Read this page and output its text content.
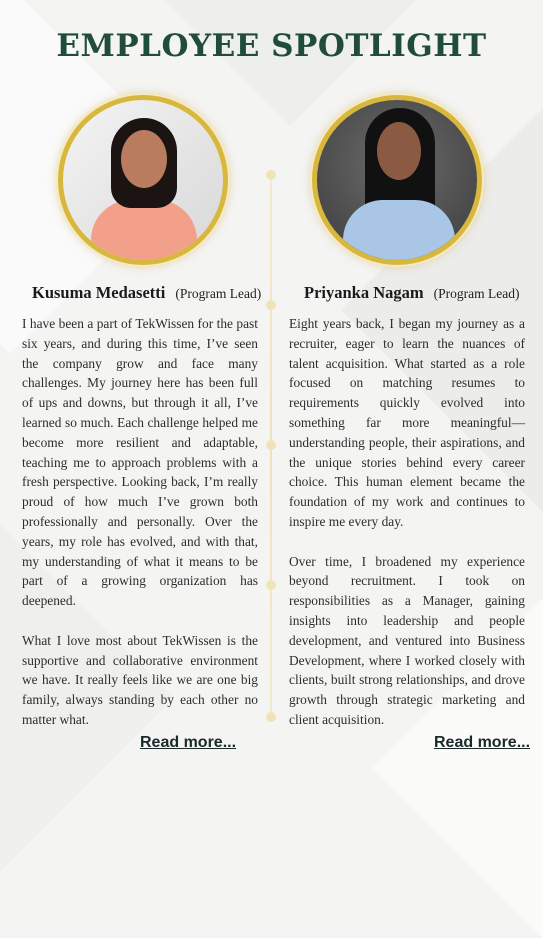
EMPLOYEE SPOTLIGHT
Kusuma Medasetti (Program Lead)	Priyanka Nagam (Program Lead)

I have been a part of TekWissen for the past six years, and during this time, I’ve seen the company grow and face many challenges. My journey here has been full of ups and downs, but through it all, I’ve learned so much. Each challenge helped me become more resilient and adaptable, teaching me to approach problems with a fresh perspective. Looking back, I’m really proud of how much I’ve grown both professionally and personally. Over the years, my role has evolved, and with that, my understanding of what it means to be part of a growing organization has deepened.

What I love most about TekWissen is the supportive and collaborative environment we have. It really feels like we are one big family, always standing by each other no matter what.

Eight years back, I began my journey as a recruiter, eager to learn the nuances of talent acquisition. What started as a role focused on matching resumes to requirements quickly evolved into something far more meaningful—understanding people, their aspirations, and the unique stories behind every career choice. This human element became the foundation of my work and continues to inspire me every day.

Over time, I broadened my experience beyond recruitment. I took on responsibilities as a Manager, gaining insights into leadership and people development, and ventured into Business Development, where I worked closely with clients, built strong relationships, and drove growth through strategic marketing and client acquisition.

Read more...	Read more...
